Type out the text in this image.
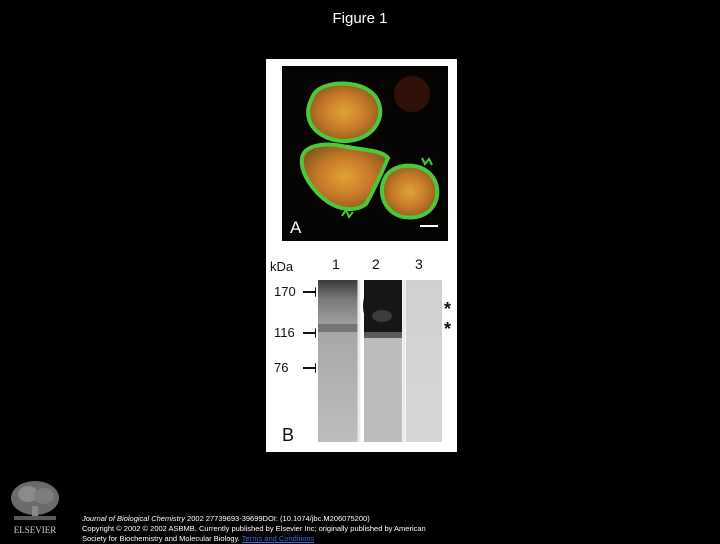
Figure 1
A
kDa	1 2	3
170
116
76
*
*
B
ELSEVIER
Journal of Biological Chemistry 2002 27739693-39699DOI: (10.1074/jbc.M206075200)
Copyright © 2002 © 2002 ASBMB. Currently published by Elsevier Inc; originally published by American
Society for Biochemistry and Molecular Biology. Terms and Conditions
